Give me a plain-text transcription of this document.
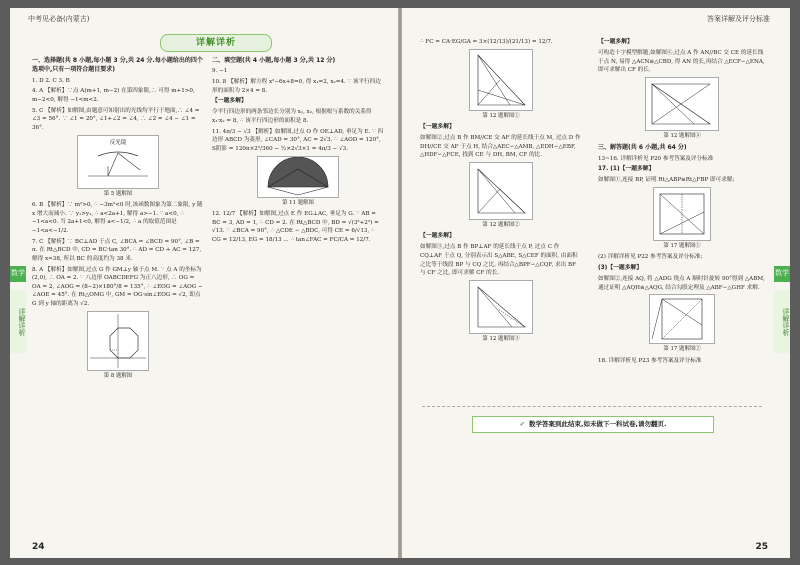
中考见必备(内蒙古)
详解详析
数学
详解详析

一、选择题(共 8 小题,每小题 3 分,共 24 分.每小题给出的四个选项中,只有一项符合题目要求)

1. D 2. C 3. B

4. A 【解析】∵点 A(m+1, m−2) 在第四象限,∴ 可得 m+1>0, m−2<0, 解得 −1<m<2.

5. C 【解析】如解图,由题意可知射出的光线均平行于地面,∴ ∠4 = ∠3 = 56°. ∵ ∠1 = 20°, ∠1+∠2 = ∠4, ∴ ∠2 = ∠4 − ∠1 = 36°.

反光镜
第 5 题解图

6. B 【解析】∵ m²>0, ∴ −3m²<0 时,该函数图象为第二象限, y 随 x 增大而减小. ∵ y₁>y₂, ∴ a<2a+1, 解得 a>−1. ∵ a<0, ∴ −1<a<0. 当 2a+1<0, 解得 a<−1/2, ∴ a 的取值范围是 −1<a<−1/2.

7. C 【解析】∵ BC⊥AD 于点 C, ∠BCA = ∠BCD = 90°, ∠B = α. 在 Rt△BCD 中, CD = BC·tan 30°. ∴ AD = CD + AC = 127, 解得 x≈38, 所以 BC 的高度约为 38 米.

8. A 【解析】如解图,过点 G 作 GM⊥y 轴于点 M. ∵ 点 A 的坐标为 (2,0), ∴ OA = 2. ∵ 八边形 OABCDEFG 为正八边形, ∴ OG = OA = 2, ∠AOG = (8−2)×180°/8 = 135°, ∴ ∠EOG = ∠AOG − ∠AOE = 45°. 在 Rt△OMG 中, GM = OG·sin∠EOG = √2, 即点 G 到 y 轴的距离为 √2.

第 8 题解图

二、填空题(共 4 小题,每小题 3 分,共 12 分)

9. −1

10. 8 【解析】解方程 x²−6x+8=0, 得 x₁=2, x₂=4. ∵ 该平行四边形的面积为 2×4 = 8.

【一题多解】

令平行四边形的两条邻边长分别为 x₁, x₂, 根据根与系数的关系得 x₁·x₂ = 8, ∴ 该平行四边形的面积是 8.

11. 4π/3 − √3 【解析】如解图,过点 O 作 OE⊥AD, 垂足为 E. ∵ 四边形 ABCD 为菱形, ∠CAD = 30°, AC = 2√3. ∴ ∠AOD = 120°, S阴影 = 120π×2²/360 − ½×2√3×1 = 4π/3 − √3.

第 11 题解图

12. 12/7 【解析】如解图,过点 E 作 EG⊥AC, 垂足为 G. ∵ AB = BC = 3, AD = 1, ∴ CD = 2. 在 Rt△BCD 中, BD = √(3²+2²) = √13. ∵ ∠BCA = 90°, ∴ △CDE ∽ △BDC, 可得 CE = 6/√13, ∴ CG = 12/13, EG = 18/13 ... ∴ tan∠FAC = FC/CA = 12/7.

24
答案详解及评分标准
数学
详解详析

∴ FC = CA·EG/GA = 3×(12/13)/(21/13) = 12/7.

第 12 题解图①

【一题多解】

如解图②,过点 B 作 BM//CE 交 AF 的延长线于点 M, 过点 D 作 DH//CE 交 AF 于点 H, 结合△AEC∽△AMB, △EDH∽△EBF, △HDF∽△FCE, 找到 CE 与 DH, BM, CF 的比.

第 12 题解图②

【一题多解】

如解图③,过点 B 作 BP⊥AF 的延长线于点 P, 过点 C 作 CQ⊥AF 于点 Q, 分别表示出 S△ABE, S△CEF 的面积, 由面积之比等于线段 BP 与 CQ 之比, 再结合△BPF∽△CQF, 求出 BF 与 CF 之比, 即可求解 CF 的长.

第 12 题解图③

【一题多解】

可构造十字模型解题,如解图④,过点 A 作 AN//BC 交 CE 的延长线于点 N, 易得 △ACN≌△CBD, 得 AN 的长,再结合 △ECF∽△ENA, 即可求解出 CF 的长.

第 12 题解图④

三、解答题(共 6 小题,共 64 分)

13~16. 详解详析见 P20 参考答案及评分标准

17. (1)【一题多解】

如解图①,连接 BP, 证明 Rt△ABP≌Rt△FBP 即可求解;

第 17 题解图①

(2) 详解详析见 P22 参考答案及评分标准;

(3)【一题多解】

如解图②,连接 AQ, 将 △ADG 绕点 A 顺时针旋转 90°得到 △ABM, 通过证明 △AQH≌△AQG, 结合勾股定理及 △ABF∽△GHF 求解.

第 17 题解图②

18. 详解详析见 P23 参考答案及评分标准

✔ 数学答案到此结束,如未做下一科试卷,请勿翻页.
25
